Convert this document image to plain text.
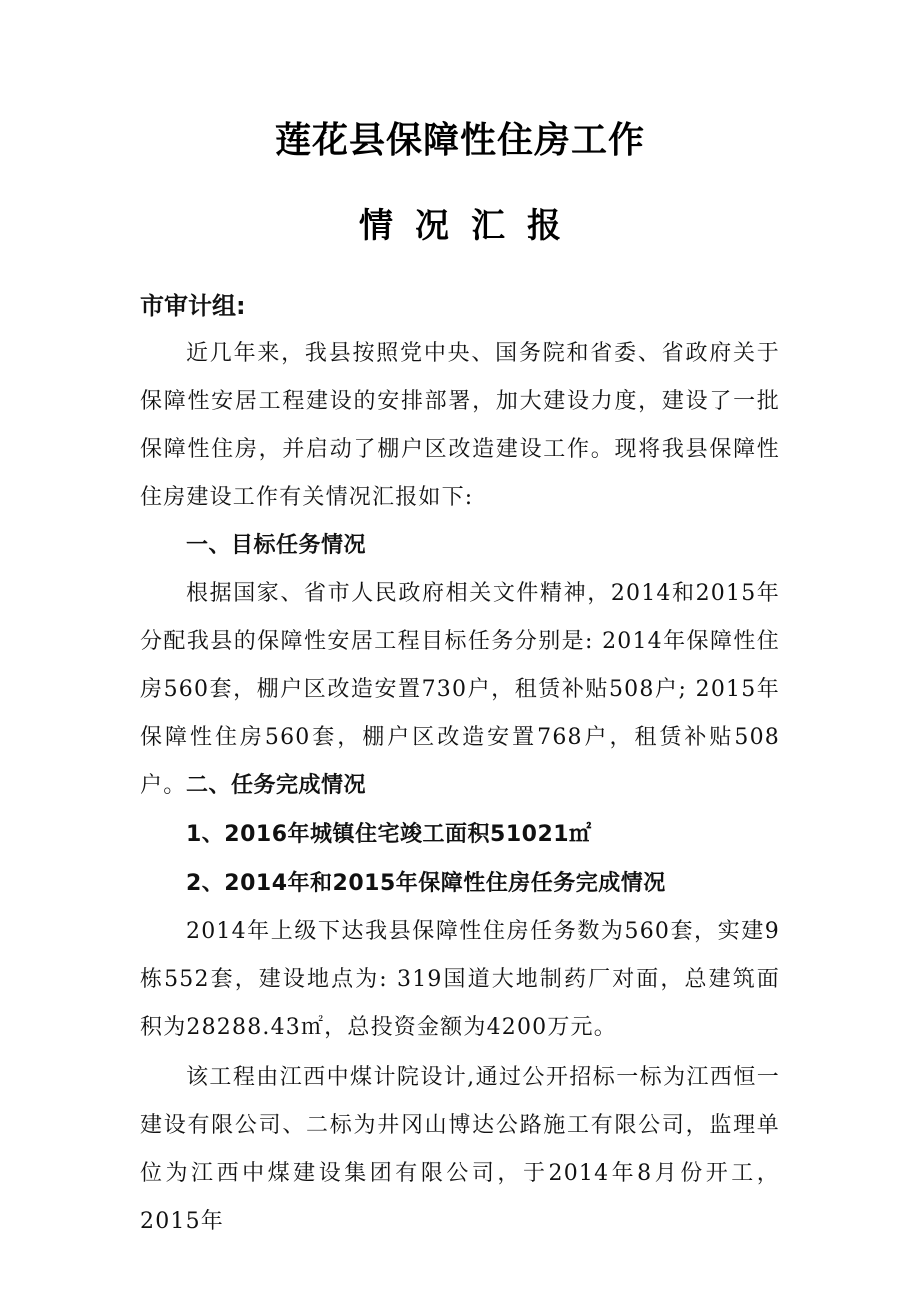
莲花县保障性住房工作
情况汇报
市审计组:

近几年来，我县按照党中央、国务院和省委、省政府关于保障性安居工程建设的安排部署，加大建设力度，建设了一批保障性住房，并启动了棚户区改造建设工作。现将我县保障性住房建设工作有关情况汇报如下:

一、目标任务情况

根据国家、省市人民政府相关文件精神，2014和2015年分配我县的保障性安居工程目标任务分别是: 2014年保障性住房560套，棚户区改造安置730户，租赁补贴508户; 2015年保障性住房560套，棚户区改造安置768户，租赁补贴508户。 二、任务完成情况
1、2016年城镇住宅竣工面积51021㎡
2、2014年和2015年保障性住房任务完成情况

2014年上级下达我县保障性住房任务数为560套，实建9栋552套，建设地点为: 319国道大地制药厂对面，总建筑面积为28288.43㎡，总投资金额为4200万元。

该工程由江西中煤计院设计,通过公开招标一标为江西恒一建设有限公司、二标为井冈山博达公路施工有限公司，监理单位为江西中煤建设集团有限公司，于2014年8月份开工，2015年
